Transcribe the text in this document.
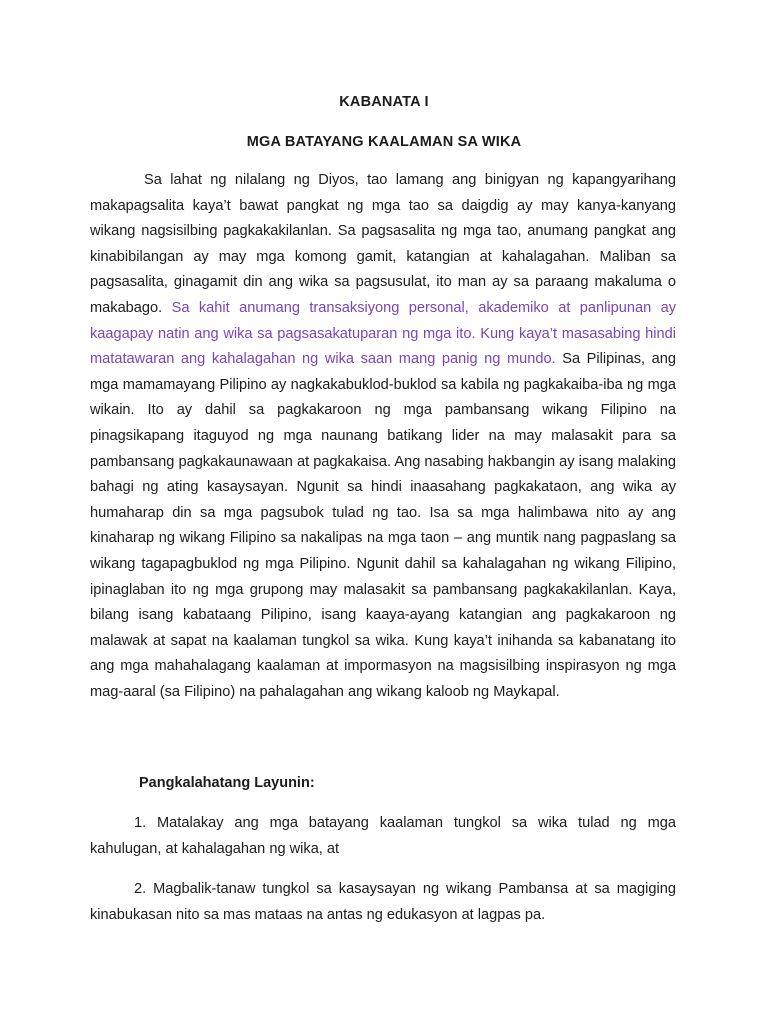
KABANATA I
MGA BATAYANG KAALAMAN SA WIKA

Sa lahat ng nilalang ng Diyos, tao lamang ang binigyan ng kapangyarihang makapagsalita kaya’t bawat pangkat ng mga tao sa daigdig ay may kanya-kanyang wikang nagsisilbing pagkakakilanlan. Sa pagsasalita ng mga tao, anumang pangkat ang kinabibilangan ay may mga komong gamit, katangian at kahalagahan. Maliban sa pagsasalita, ginagamit din ang wika sa pagsusulat, ito man ay sa paraang makaluma o makabago. Sa kahit anumang transaksiyong personal, akademiko at panlipunan ay kaagapay natin ang wika sa pagsasakatuparan ng mga ito. Kung kaya’t masasabing hindi matatawaran ang kahalagahan ng wika saan mang panig ng mundo. Sa Pilipinas, ang mga mamamayang Pilipino ay nagkakabuklod-buklod sa kabila ng pagkakaiba-iba ng mga wikain. Ito ay dahil sa pagkakaroon ng mga pambansang wikang Filipino na pinagsikapang itaguyod ng mga naunang batikang lider na may malasakit para sa pambansang pagkakaunawaan at pagkakaisa. Ang nasabing hakbangin ay isang malaking bahagi ng ating kasaysayan. Ngunit sa hindi inaasahang pagkakataon, ang wika ay humaharap din sa mga pagsubok tulad ng tao. Isa sa mga halimbawa nito ay ang kinaharap ng wikang Filipino sa nakalipas na mga taon – ang muntik nang pagpaslang sa wikang tagapagbuklod ng mga Pilipino. Ngunit dahil sa kahalagahan ng wikang Filipino, ipinaglaban ito ng mga grupong may malasakit sa pambansang pagkakakilanlan. Kaya, bilang isang kabataang Pilipino, isang kaaya-ayang katangian ang pagkakaroon ng malawak at sapat na kaalaman tungkol sa wika. Kung kaya’t inihanda sa kabanatang ito ang mga mahahalagang kaalaman at impormasyon na magsisilbing inspirasyon ng mga mag-aaral (sa Filipino) na pahalagahan ang wikang kaloob ng Maykapal.

Pangkalahatang Layunin:

1. Matalakay ang mga batayang kaalaman tungkol sa wika tulad ng mga kahulugan, at kahalagahan ng wika, at

2. Magbalik-tanaw tungkol sa kasaysayan ng wikang Pambansa at sa magiging kinabukasan nito sa mas mataas na antas ng edukasyon at lagpas pa.
